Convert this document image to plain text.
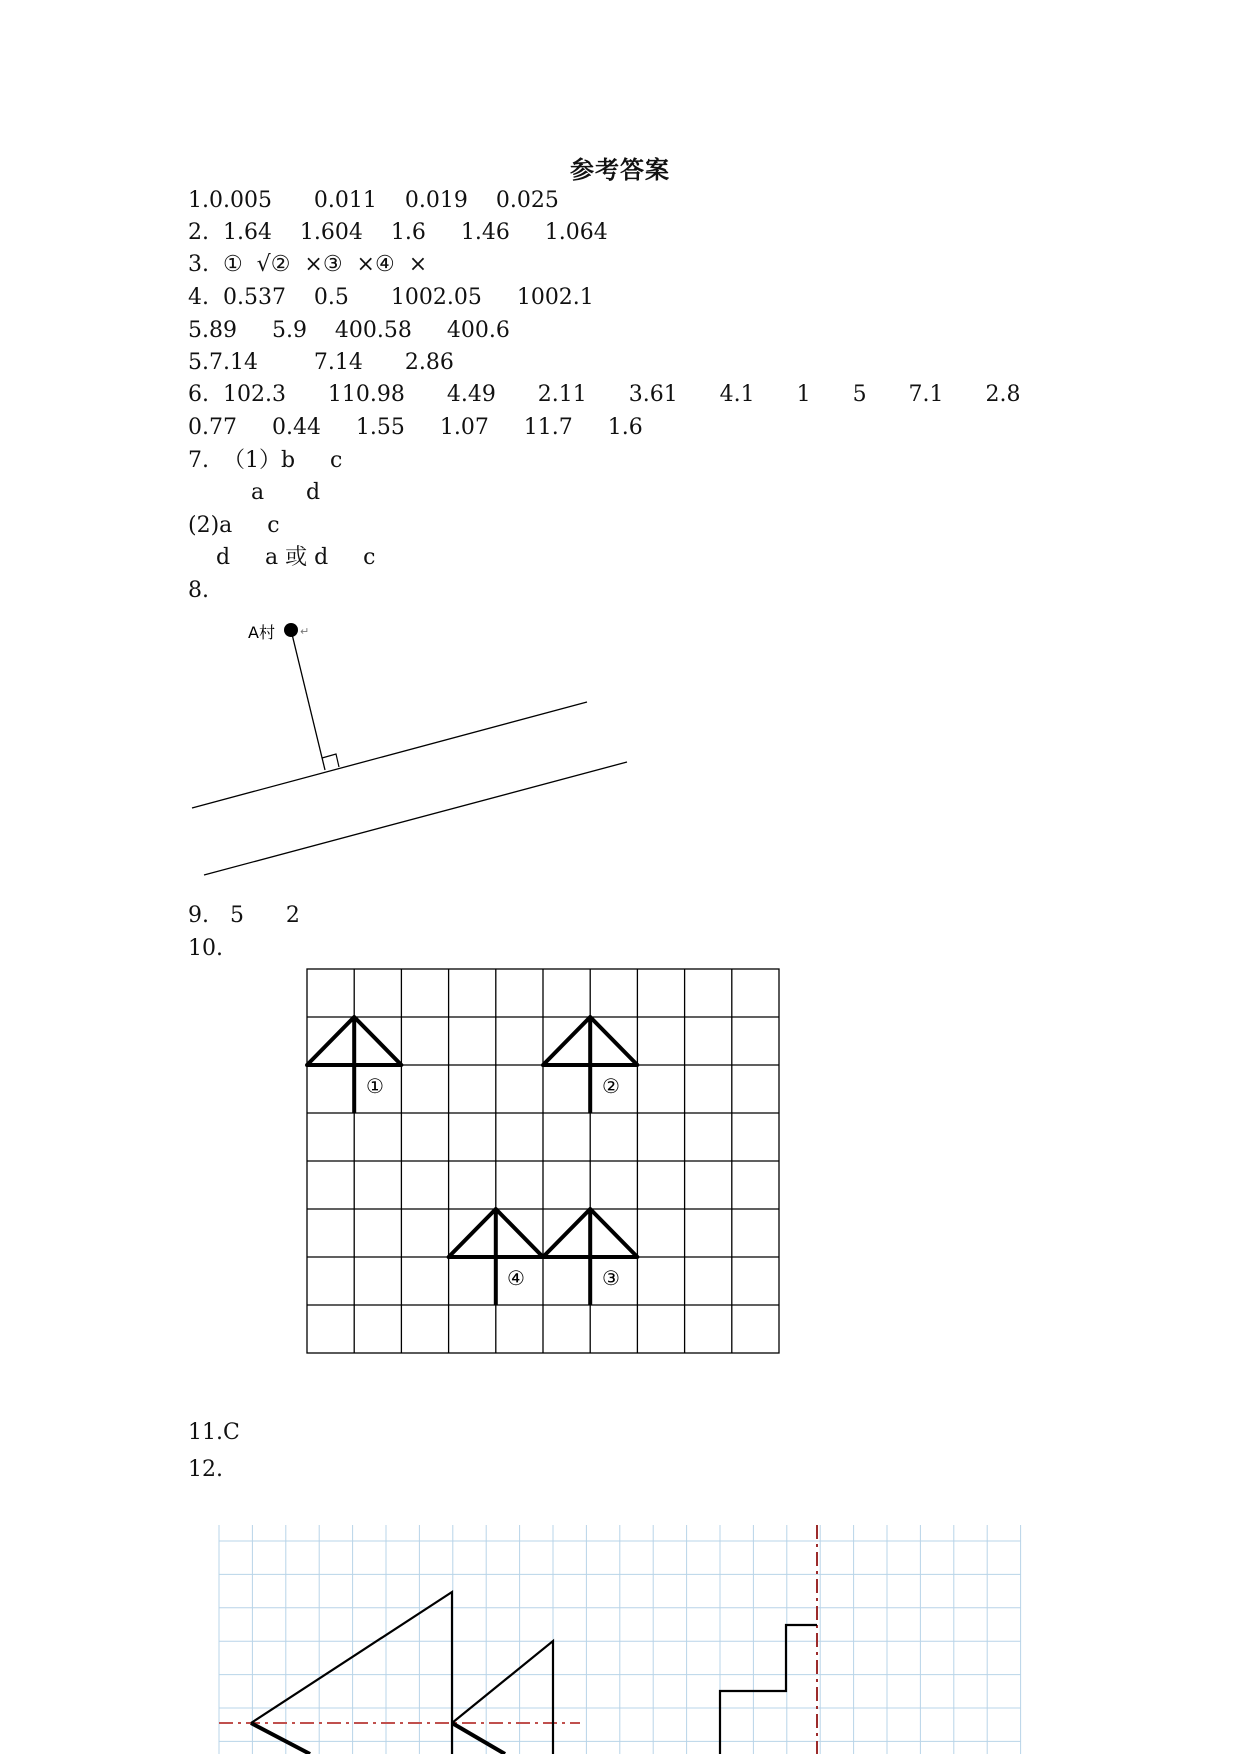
参考答案
1.0.005      0.011    0.019    0.025
2.  1.64    1.604    1.6     1.46     1.064
3.  ①  √②  ×③  ×④  ×
4.  0.537    0.5      1002.05     1002.1
5.89     5.9    400.58     400.6
5.7.14        7.14      2.86
6.  102.3      110.98      4.49      2.11      3.61      4.1      1      5      7.1      2.8
0.77     0.44     1.55     1.07     11.7     1.6
7.  （1）b     c
a      d
(2)a     c
d     a 或 d     c
8.
A村 ↵
9.   5      2
10.
①	②
③
④
11.C
12.
